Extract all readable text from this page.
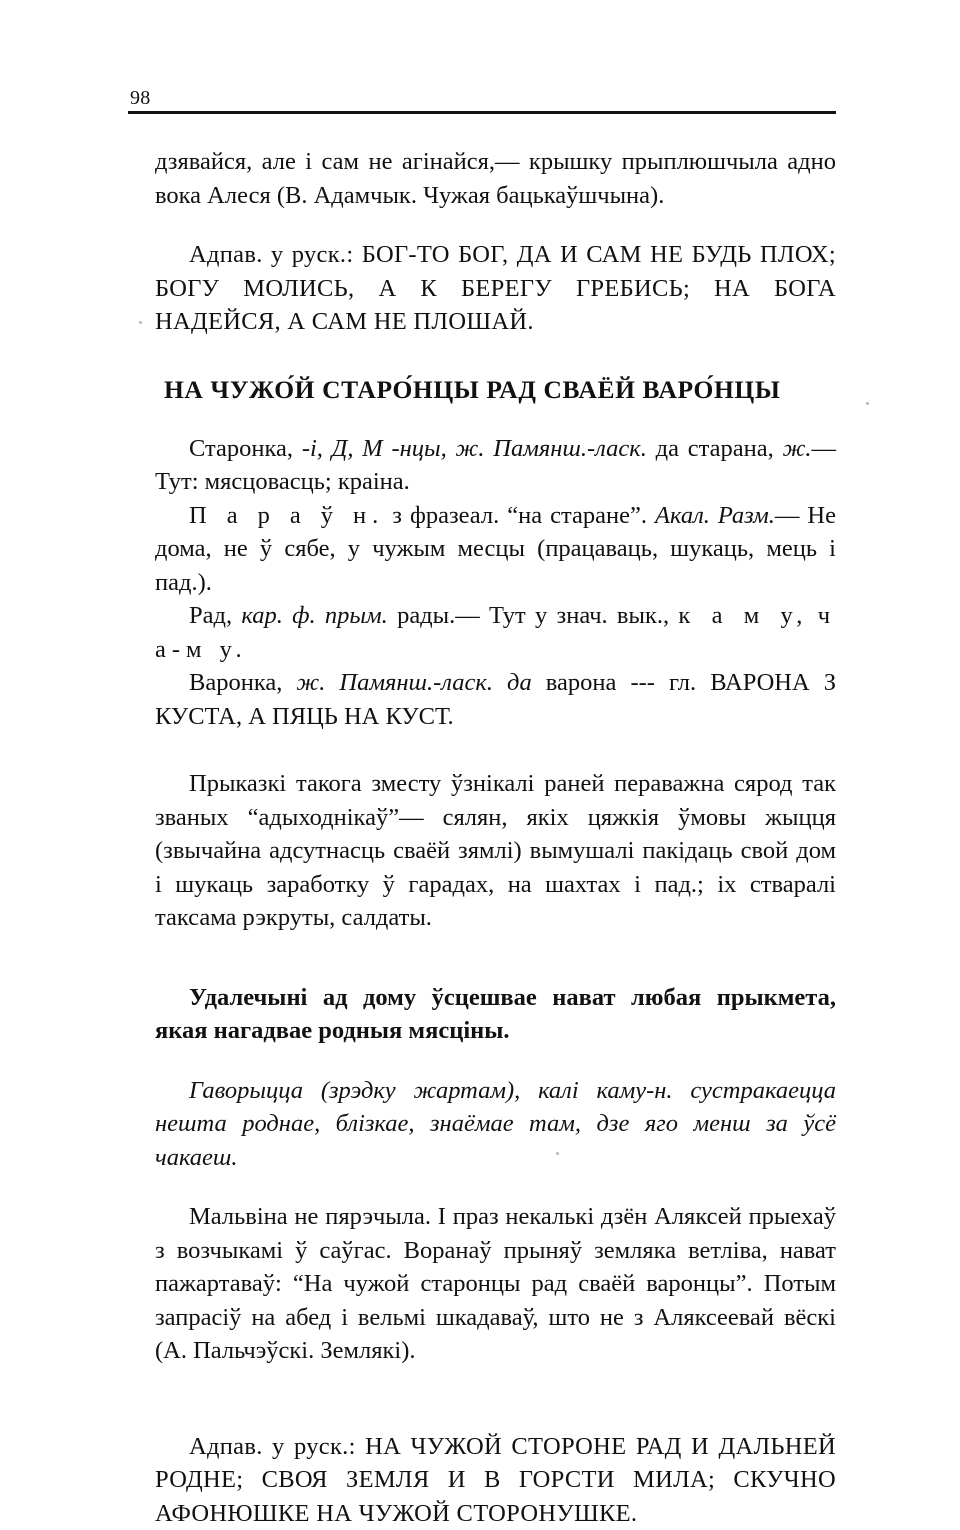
98

дзявайся, але і сам не агінайся,— крышку прыплюшчыла адно вока Алеся (В. Адамчык. Чужая бацькаўшчына).

Адпав. у руск.: БОГ-ТО БОГ, ДА И САМ НЕ БУДЬ ПЛОХ; БОГУ МОЛИСЬ, А К БЕРЕГУ ГРЕБИСЬ; НА БОГА НАДЕЙСЯ, А САМ НЕ ПЛОШАЙ.

НА ЧУЖО́Й СТАРО́НЦЫ РАД СВАЁЙ ВАРО́НЦЫ

Старонка, -і, Д, М -нцы, ж. Памянш.-ласк. да старана, ж.— Тут: мясцовасць; краіна.

П а р а ў н. з фразеал. “на старане”. Акал. Разм.— Не дома, не ў сябе, у чужым месцы (працаваць, шукаць, мець і пад.).

Рад, кар. ф. прым. рады.— Тут у знач. вык., к а м у, ч а-м у.

Варонка, ж. Памянш.-ласк. да варона --- гл. ВАРОНА З КУСТА, А ПЯЦЬ НА КУСТ.

Прыказкі такога зместу ўзнікалі раней пераважна сярод так званых “адыходнікаў”— сялян, якіх цяжкія ўмовы жыцця (звычайна адсутнасць сваёй зямлі) вымушалі пакідаць свой дом і шукаць заработку ў гарадах, на шахтах і пад.; іх стваралі таксама рэкруты, салдаты.

Удалечыні ад дому ўсцешвае нават любая прыкмета, якая нагадвае родныя мясціны.

Гаворыцца (зрэдку жартам), калі каму-н. сустракаецца нешта роднае, блізкае, знаёмае там, дзе яго менш за ўсё чакаеш.

Мальвіна не пярэчыла. І праз некалькі дзён Аляксей прыехаў з возчыкамі ў саўгас. Воранаў прыняў земляка ветліва, нават пажартаваў: “На чужой старонцы рад сваёй варонцы”. Потым запрасіў на абед і вельмі шкадаваў, што не з Аляксеевай вёскі (А. Пальчэўскі. Землякі).

Адпав. у руск.: НА ЧУЖОЙ СТОРОНЕ РАД И ДАЛЬНЕЙ РОДНЕ; СВОЯ ЗЕМЛЯ И В ГОРСТИ МИЛА; СКУЧНО АФОНЮШКЕ НА ЧУЖОЙ СТОРОНУШКЕ.
